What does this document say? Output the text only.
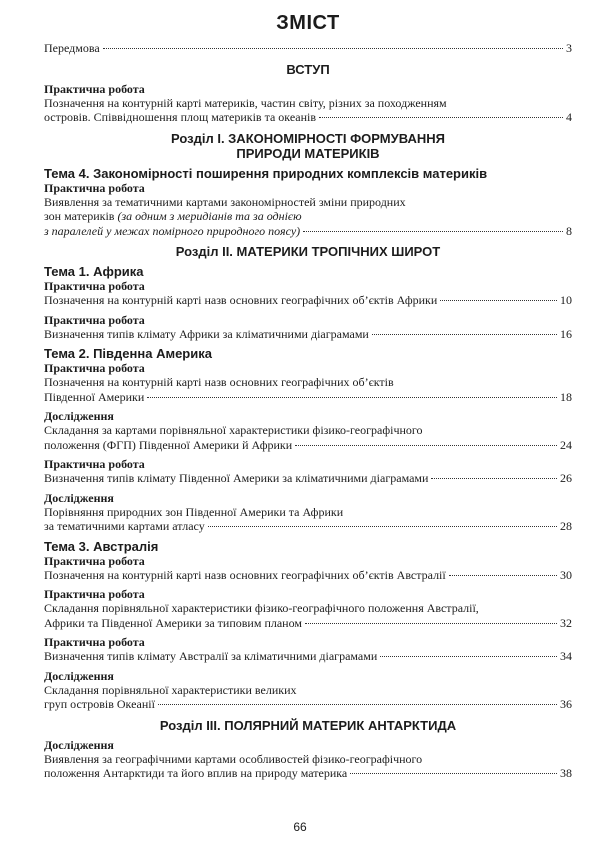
ЗМІСТ
Передмова	3
ВСТУП
Практична робота
Позначення на контурній карті материків, частин світу, різних за походженням
островів. Співвідношення площ материків та океанів	4
Розділ І. ЗАКОНОМІРНОСТІ ФОРМУВАННЯ
ПРИРОДИ МАТЕРИКІВ
Тема 4. Закономірності поширення природних комплексів материків
Практична робота
Виявлення за тематичними картами закономірностей зміни природних
зон материків (за одним з меридіанів та за однією
з паралелей у межах помірного природного поясу)	8
Розділ ІІ. МАТЕРИКИ ТРОПІЧНИХ ШИРОТ
Тема 1. Африка
Практична робота
Позначення на контурній карті назв основних географічних об’єктів Африки	10
Практична робота
Визначення типів клімату Африки за кліматичними діаграмами	16
Тема 2. Південна Америка
Практична робота
Позначення на контурній карті назв основних географічних об’єктів
Південної Америки	18
Дослідження
Складання за картами порівняльної характеристики фізико-географічного
положення (ФГП) Південної Америки й Африки	24
Практична робота
Визначення типів клімату Південної Америки за кліматичними діаграмами	26
Дослідження
Порівняння природних зон Південної Америки та Африки
за тематичними картами атласу	28
Тема 3. Австралія
Практична робота
Позначення на контурній карті назв основних географічних об’єктів Австралії	30
Практична робота
Складання порівняльної характеристики фізико-географічного положення Австралії,
Африки та Південної Америки за типовим планом	32
Практична робота
Визначення типів клімату Австралії за кліматичними діаграмами	34
Дослідження
Складання порівняльної характеристики великих
груп островів Океанії	36
Розділ ІІІ. ПОЛЯРНИЙ МАТЕРИК АНТАРКТИДА
Дослідження
Виявлення за географічними картами особливостей фізико-географічного
положення Антарктиди та його вплив на природу материка	38
66
